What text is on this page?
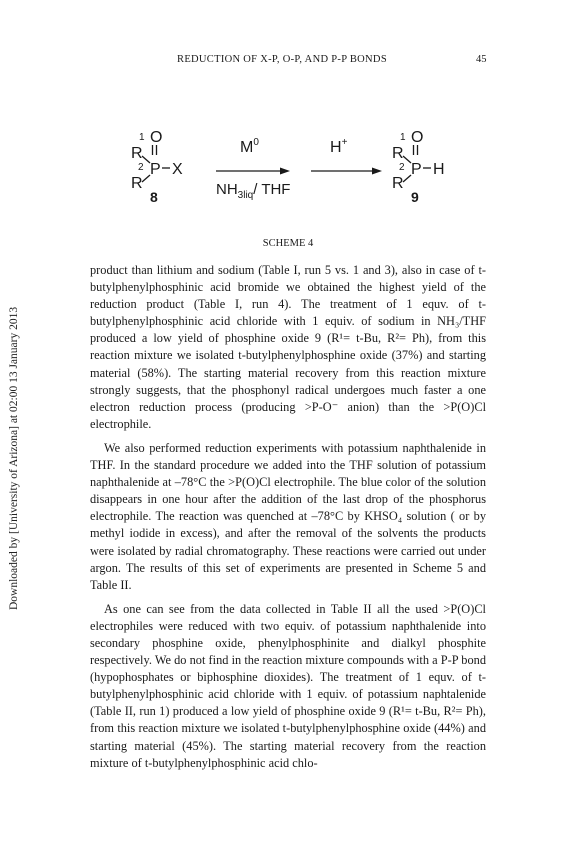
REDUCTION OF X-P, O-P, AND P-P BONDS	45
Downloaded by [University of Arizona] at 02:00 13 January 2013
1 O
R
2 P X
R
8
$M^0$
$NH_3liq/$ THF
H+	1 O
R
2 P H
R
9
SCHEME 4

product than lithium and sodium (Table I, run 5 vs. 1 and 3), also in case of t-butylphenylphosphinic acid bromide we obtained the highest yield of the reduction product (Table I, run 4). The treatment of 1 equv. of t-butylphenylphosphinic acid chloride with 1 equiv. of sodium in NH₃/THF produced a low yield of phosphine oxide 9 (R¹= t-Bu, R²= Ph), from this reaction mixture we isolated t-butylphenylphosphine oxide (37%) and starting material (58%). The starting material recovery from this reaction mixture strongly suggests, that the phosphonyl radical undergoes much faster a one electron reduction process (producing >P-O⁻ anion) than the >P(O)Cl electrophile.

We also performed reduction experiments with potassium naphthalenide in THF. In the standard procedure we added into the THF solution of potassium naphthalenide at –78°C the >P(O)Cl electrophile. The blue color of the solution disappears in one hour after the addition of the last drop of the phosphorus electrophile. The reaction was quenched at –78°C by KHSO₄ solution ( or by methyl iodide in excess), and after the removal of the solvents the products were isolated by radial chromatography. These reactions were carried out under argon. The results of this set of experiments are presented in Scheme 5 and Table II.

As one can see from the data collected in Table II all the used >P(O)Cl electrophiles were reduced with two equiv. of potassium naphthalenide into secondary phosphine oxide, phenylphosphinite and dialkyl phosphite respectively. We do not find in the reaction mixture compounds with a P-P bond (hypophosphates or biphosphine dioxides). The treatment of 1 equv. of t-butylphenylphosphinic acid chloride with 1 equiv. of potassium naphtalenide (Table II, run 1) produced a low yield of phosphine oxide 9 (R¹= t-Bu, R²= Ph), from this reaction mixture we isolated t-butylphenylphosphine oxide (44%) and starting material (45%). The starting material recovery from the reaction mixture of t-butylphenylphosphinic acid chlo-
